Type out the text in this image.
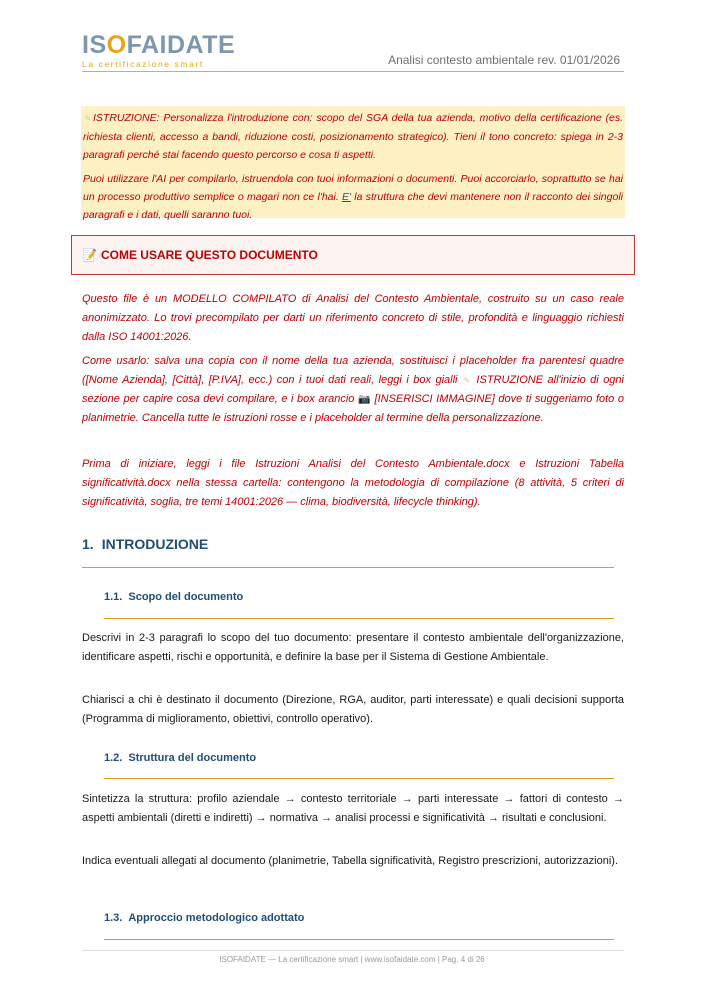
ISOFAIDATE
La certificazione smart	Analisi contesto ambientale rev. 01/01/2026

✎ ISTRUZIONE: Personalizza l'introduzione con: scopo del SGA della tua azienda, motivo della certificazione (es. richiesta clienti, accesso a bandi, riduzione costi, posizionamento strategico). Tieni il tono concreto: spiega in 2-3 paragrafi perché stai facendo questo percorso e cosa ti aspetti.

Puoi utilizzare l'AI per compilarlo, istruendola con tuoi informazioni o documenti. Puoi accorciarlo, soprattutto se hai un processo produttivo semplice o magari non ce l'hai. E' la struttura che devi mantenere non il racconto dei singoli paragrafi e i dati, quelli saranno tuoi.

📝 COME USARE QUESTO DOCUMENTO

Questo file è un MODELLO COMPILATO di Analisi del Contesto Ambientale, costruito su un caso reale anonimizzato. Lo trovi precompilato per darti un riferimento concreto di stile, profondità e linguaggio richiesti dalla ISO 14001:2026.

Come usarlo: salva una copia con il nome della tua azienda, sostituisci i placeholder fra parentesi quadre ([Nome Azienda], [Città], [P.IVA], ecc.) con i tuoi dati reali, leggi i box gialli ✎ ISTRUZIONE all'inizio di ogni sezione per capire cosa devi compilare, e i box arancio 📷 [INSERISCI IMMAGINE] dove ti suggeriamo foto o planimetrie. Cancella tutte le istruzioni rosse e i placeholder al termine della personalizzazione.

Prima di iniziare, leggi i file Istruzioni Analisi del Contesto Ambientale.docx e Istruzioni Tabella significatività.docx nella stessa cartella: contengono la metodologia di compilazione (8 attività, 5 criteri di significatività, soglia, tre temi 14001:2026 — clima, biodiversità, lifecycle thinking).

1. INTRODUZIONE
1.1. Scopo del documento

Descrivi in 2-3 paragrafi lo scopo del tuo documento: presentare il contesto ambientale dell'organizzazione, identificare aspetti, rischi e opportunità, e definire la base per il Sistema di Gestione Ambientale.

Chiarisci a chi è destinato il documento (Direzione, RGA, auditor, parti interessate) e quali decisioni supporta (Programma di miglioramento, obiettivi, controllo operativo).

1.2. Struttura del documento

Sintetizza la struttura: profilo aziendale → contesto territoriale → parti interessate → fattori di contesto → aspetti ambientali (diretti e indiretti) → normativa → analisi processi e significatività → risultati e conclusioni.

Indica eventuali allegati al documento (planimetrie, Tabella significatività, Registro prescrizioni, autorizzazioni).

1.3. Approccio metodologico adottato
ISOFAIDATE — La certificazione smart | www.isofaidate.com | Pag. 4 di 26
